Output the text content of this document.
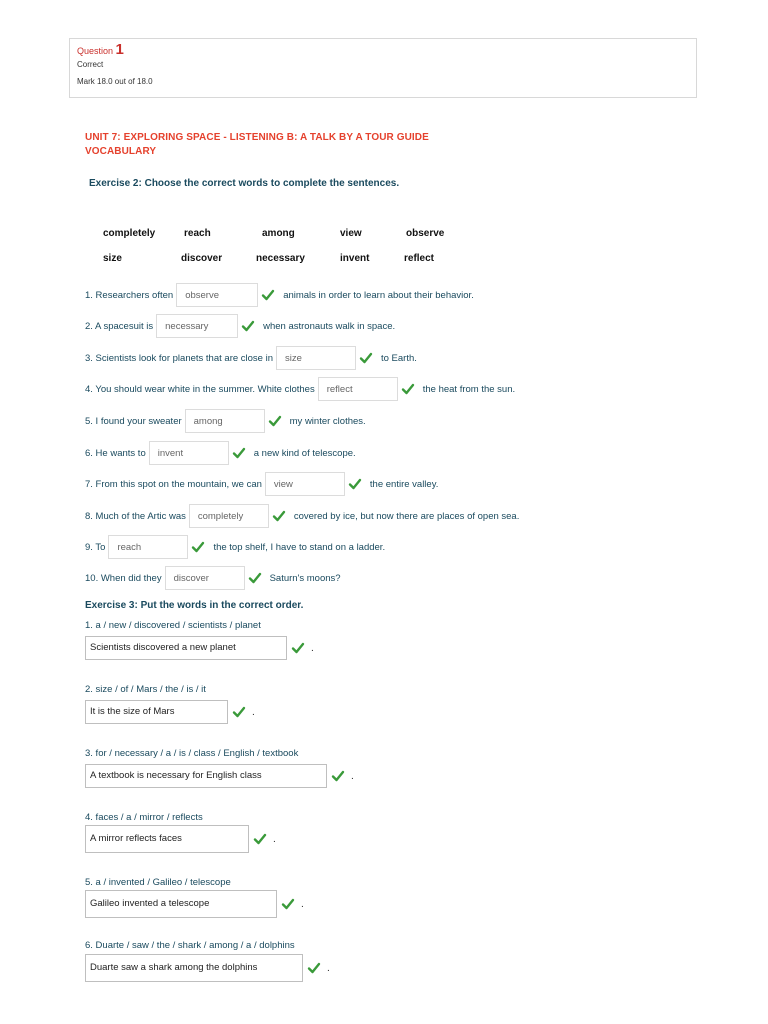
Question 1
Correct
Mark 18.0 out of 18.0
UNIT 7: EXPLORING SPACE - LISTENING B: A TALK BY A TOUR GUIDE
VOCABULARY
Exercise 2: Choose the correct words to complete the sentences.
completely	reach	among	view	observe
size	discover	necessary	invent	reflect
1. Researchers often	observe	animals in order to learn about their behavior.
2. A spacesuit is	necessary	when astronauts walk in space.
3. Scientists look for planets that are close in	size	to Earth.
4. You should wear white in the summer. White clothes	reflect	the heat from the sun.
5. I found your sweater	among	my winter clothes.
6. He wants to	invent	a new kind of telescope.
7. From this spot on the mountain, we can	view	the entire valley.
8. Much of the Artic was	completely	covered by ice, but now there are places of open sea.
9. To	reach	the top shelf, I have to stand on a ladder.
10. When did they	discover	Saturn's moons?
Exercise 3: Put the words in the correct order.
1. a / new / discovered / scientists / planet
Scientists discovered a new planet	.
2. size / of / Mars / the / is / it
It is the size of Mars	.
3. for / necessary / a / is / class / English / textbook
A textbook is necessary for English class	.
4. faces / a / mirror / reflects
A mirror reflects faces	.
5. a / invented / Galileo / telescope
Galileo invented a telescope	.
6. Duarte / saw / the / shark / among / a / dolphins
Duarte saw a shark among the dolphins	.
